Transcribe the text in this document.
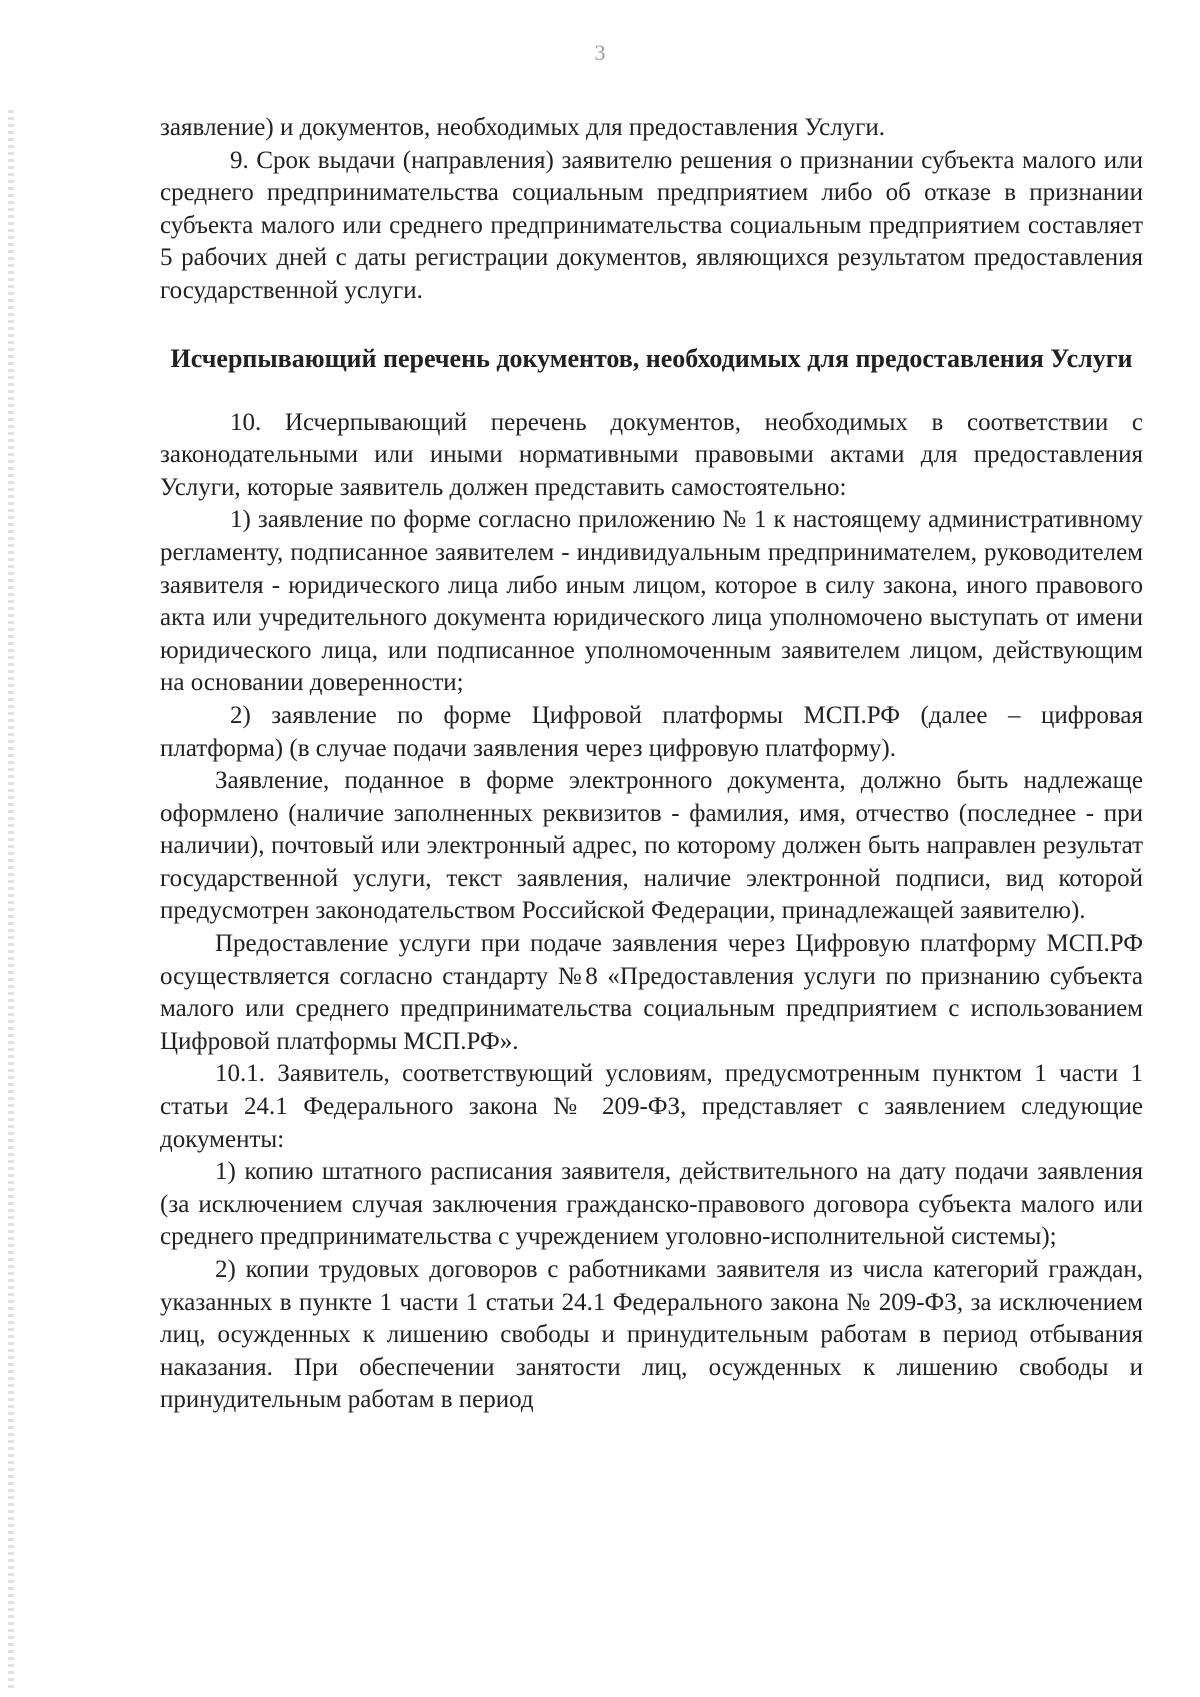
3

заявление) и документов, необходимых для предоставления Услуги.

9. Срок выдачи (направления) заявителю решения о признании субъекта малого или среднего предпринимательства социальным предприятием либо об отказе в признании субъекта малого или среднего предпринимательства социальным предприятием составляет 5 рабочих дней с даты регистрации документов, являющихся результатом предоставления государственной услуги.

Исчерпывающий перечень документов, необходимых для предоставления Услуги

10. Исчерпывающий перечень документов, необходимых в соответствии с законодательными или иными нормативными правовыми актами для предоставления Услуги, которые заявитель должен представить самостоятельно:

1) заявление по форме согласно приложению № 1 к настоящему административному регламенту, подписанное заявителем - индивидуальным предпринимателем, руководителем заявителя - юридического лица либо иным лицом, которое в силу закона, иного правового акта или учредительного документа юридического лица уполномочено выступать от имени юридического лица, или подписанное уполномоченным заявителем лицом, действующим на основании доверенности;

2) заявление по форме Цифровой платформы МСП.РФ (далее – цифровая платформа) (в случае подачи заявления через цифровую платформу).

Заявление, поданное в форме электронного документа, должно быть надлежаще оформлено (наличие заполненных реквизитов - фамилия, имя, отчество (последнее - при наличии), почтовый или электронный адрес, по которому должен быть направлен результат государственной услуги, текст заявления, наличие электронной подписи, вид которой предусмотрен законодательством Российской Федерации, принадлежащей заявителю).

Предоставление услуги при подаче заявления через Цифровую платформу МСП.РФ осуществляется согласно стандарту №8 «Предоставления услуги по признанию субъекта малого или среднего предпринимательства социальным предприятием с использованием Цифровой платформы МСП.РФ».

10.1. Заявитель, соответствующий условиям, предусмотренным пунктом 1 части 1 статьи 24.1 Федерального закона № 209-ФЗ, представляет с заявлением следующие документы:

1) копию штатного расписания заявителя, действительного на дату подачи заявления (за исключением случая заключения гражданско-правового договора субъекта малого или среднего предпринимательства с учреждением уголовно-исполнительной системы);

2) копии трудовых договоров с работниками заявителя из числа категорий граждан, указанных в пункте 1 части 1 статьи 24.1 Федерального закона № 209-ФЗ, за исключением лиц, осужденных к лишению свободы и принудительным работам в период отбывания наказания. При обеспечении занятости лиц, осужденных к лишению свободы и принудительным работам в период
